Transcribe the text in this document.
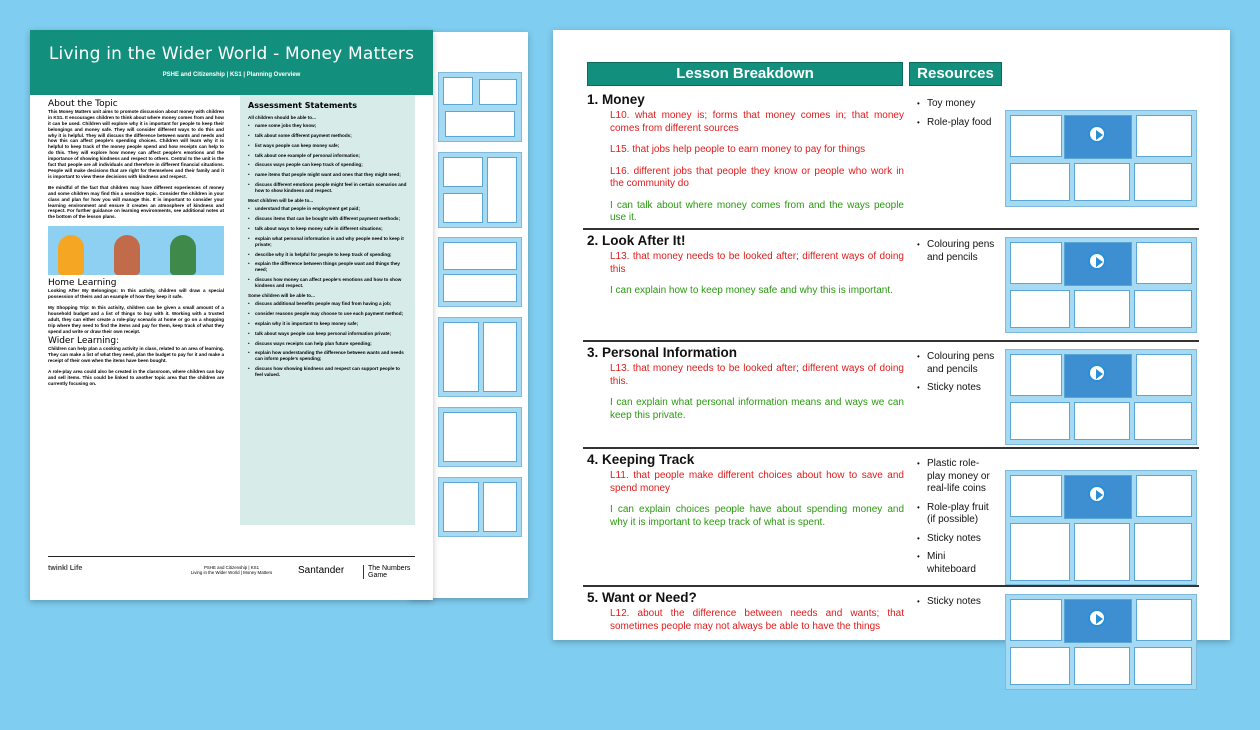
Living in the Wider World - Money Matters
PSHE and Citizenship | KS1 | Planning Overview
About the Topic

This Money Matters unit aims to promote discussion about money with children in KS1. It encourages children to think about where money comes from and how it can be used. Children will explore why it is important for people to keep their belongings and money safe. They will consider different ways to do this and why it is helpful. They will discuss the difference between wants and needs and how this can affect people's spending choices. Children will learn why it is helpful to keep track of the money people spend and how receipts can help to do this. They will explore how money can affect people's emotions and the importance of showing kindness and respect to others. Central to the unit is the fact that people are all individuals and therefore in different financial situations. People will make decisions that are right for themselves and their family and it is important to view these decisions with kindness and respect.

Be mindful of the fact that children may have different experiences of money and some children may find this a sensitive topic. Consider the children in your class and plan for how you will manage this. It is important to consider your learning environment and ensure it creates an atmosphere of kindness and respect. For further guidance on learning environments, see additional notes at the bottom of the lesson plans.

Home Learning

Looking After My Belongings: In this activity, children will draw a special possession of theirs and an example of how they keep it safe.

My Shopping Trip: In this activity, children can be given a small amount of a household budget and a list of things to buy with it. Working with a trusted adult, they can either create a role-play scenario at home or go on a shopping trip where they need to find the items and pay for them, keep track of what they spend and write or draw their own receipt.

Wider Learning:

Children can help plan a cooking activity in class, related to an area of learning. They can make a list of what they need, plan the budget to pay for it and make a receipt of their own when the items have been bought.

A role-play area could also be created in the classroom, where children can buy and sell items. This could be linked to another topic area that the children are currently focusing on.

Assessment Statements
All children should be able to...
• name some jobs they know;
• talk about some different payment methods;
• list ways people can keep money safe;
• talk about one example of personal information;
• discuss ways people can keep track of spending;
• name items that people might want and ones that they might need;
• discuss different emotions people might feel in certain scenarios and how to show kindness and respect.
Most children will be able to...
• understand that people in employment get paid;
• discuss items that can be bought with different payment methods;
• talk about ways to keep money safe in different situations;
• explain what personal information is and why people need to keep it private;
• describe why it is helpful for people to keep track of spending;
• explain the difference between things people want and things they need;
• discuss how money can affect people's emotions and how to show kindness and respect.
Some children will be able to...
• discuss additional benefits people may find from having a job;
• consider reasons people may choose to use each payment method;
• explain why it is important to keep money safe;
• talk about ways people can keep personal information private;
• discuss ways receipts can help plan future spending;
• explain how understanding the difference between wants and needs can inform people's spending;
• discuss how showing kindness and respect can support people to feel valued.
twinkl Life	PSHE and Citizenship | KS1
Living in the Wider World | Money Matters	Santander	The Numbers Game
Lesson Breakdown	Resources
1. Money
L10. what money is; forms that money comes in; that money comes from different sources
L15. that jobs help people to earn money to pay for things
L16. different jobs that people they know or people who work in the community do
I can talk about where money comes from and the ways people use it.
• Toy money
• Role-play food
2. Look After It!
L13. that money needs to be looked after; different ways of doing this
I can explain how to keep money safe and why this is important.
• Colouring pens and pencils
3. Personal Information
L13. that money needs to be looked after; different ways of doing this.
I can explain what personal information means and ways we can keep this private.
• Colouring pens and pencils
• Sticky notes
4. Keeping Track
L11. that people make different choices about how to save and spend money
I can explain choices people have about spending money and why it is important to keep track of what is spent.
• Plastic role-play money or real-life coins
• Role-play fruit (if possible)
• Sticky notes
• Mini whiteboard
5. Want or Need?
L12. about the difference between needs and wants; that sometimes people may not always be able to have the things
• Sticky notes
